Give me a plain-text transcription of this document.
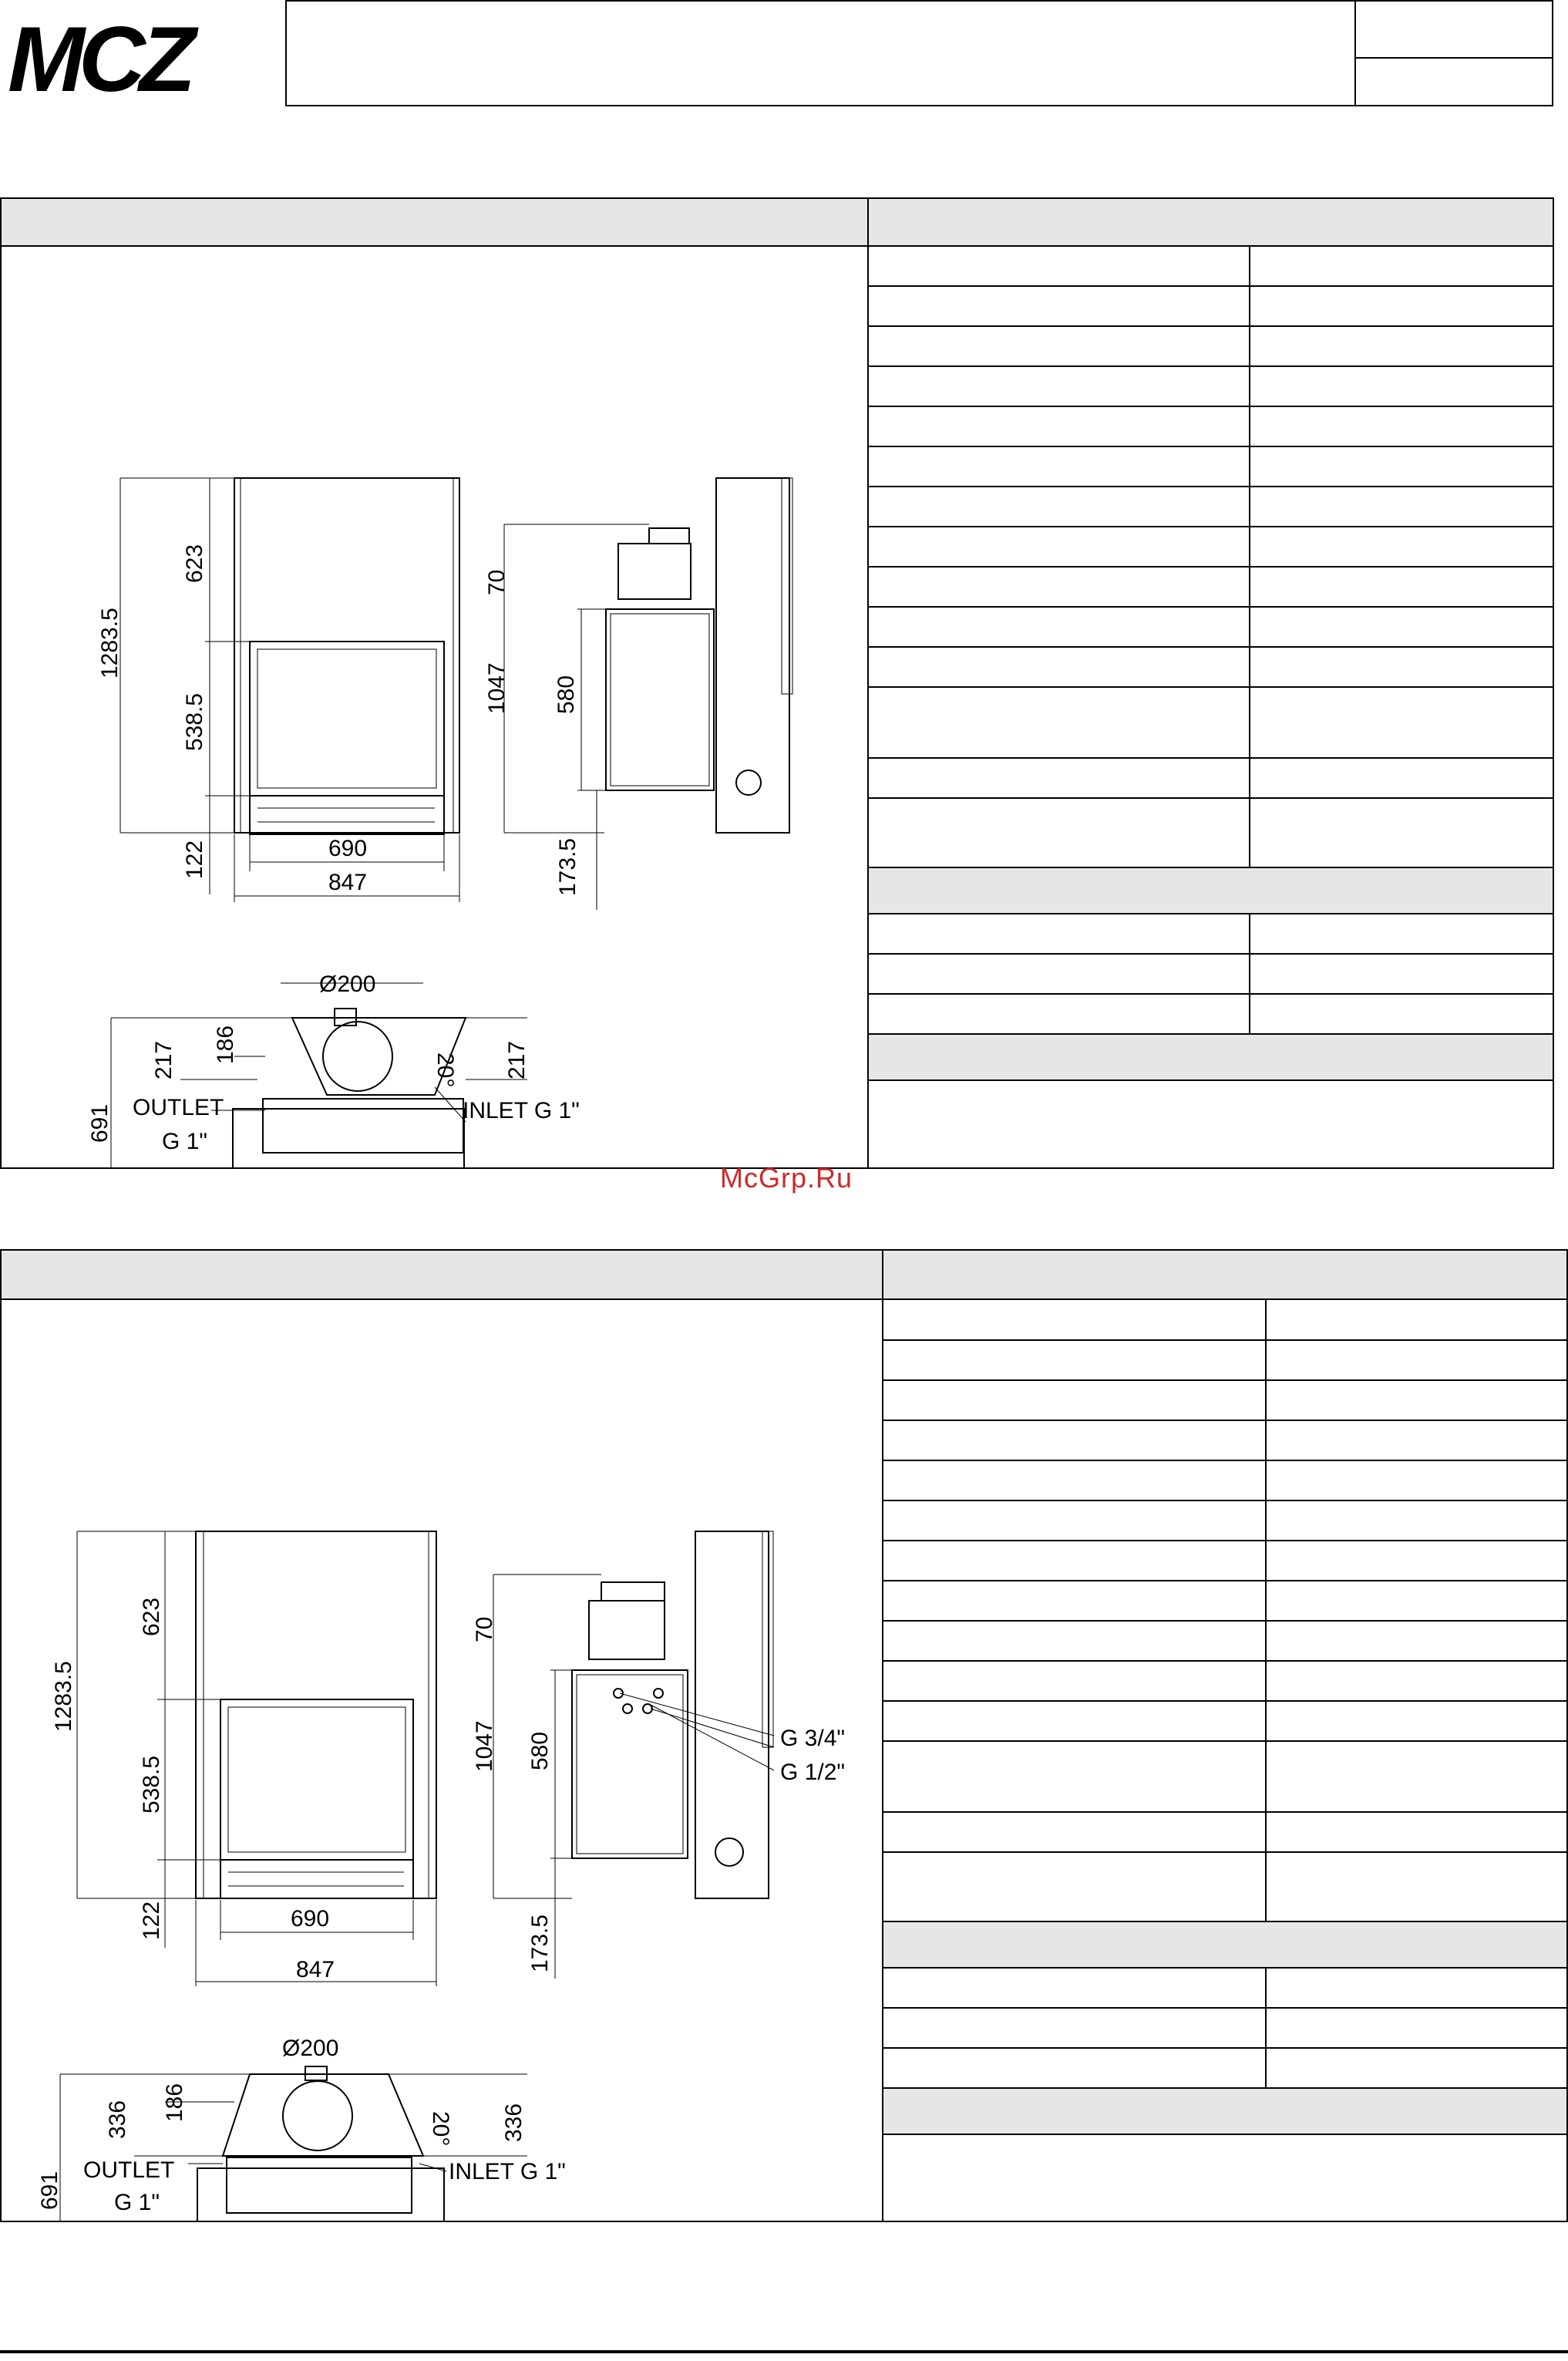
MCZ

1283.5
623
538.5
122	690
847
70
1047 580
173.5
Ø200
691
217 186
20° 217
OUTLET
G 1"
INLET G 1"
McGrp.Ru

1283.5
623
538.5
122	690
847
70
1047 580
173.5
G 3/4"
G 1/2"
Ø200
691
336 186
20° 336
OUTLET
G 1"
INLET G 1"
